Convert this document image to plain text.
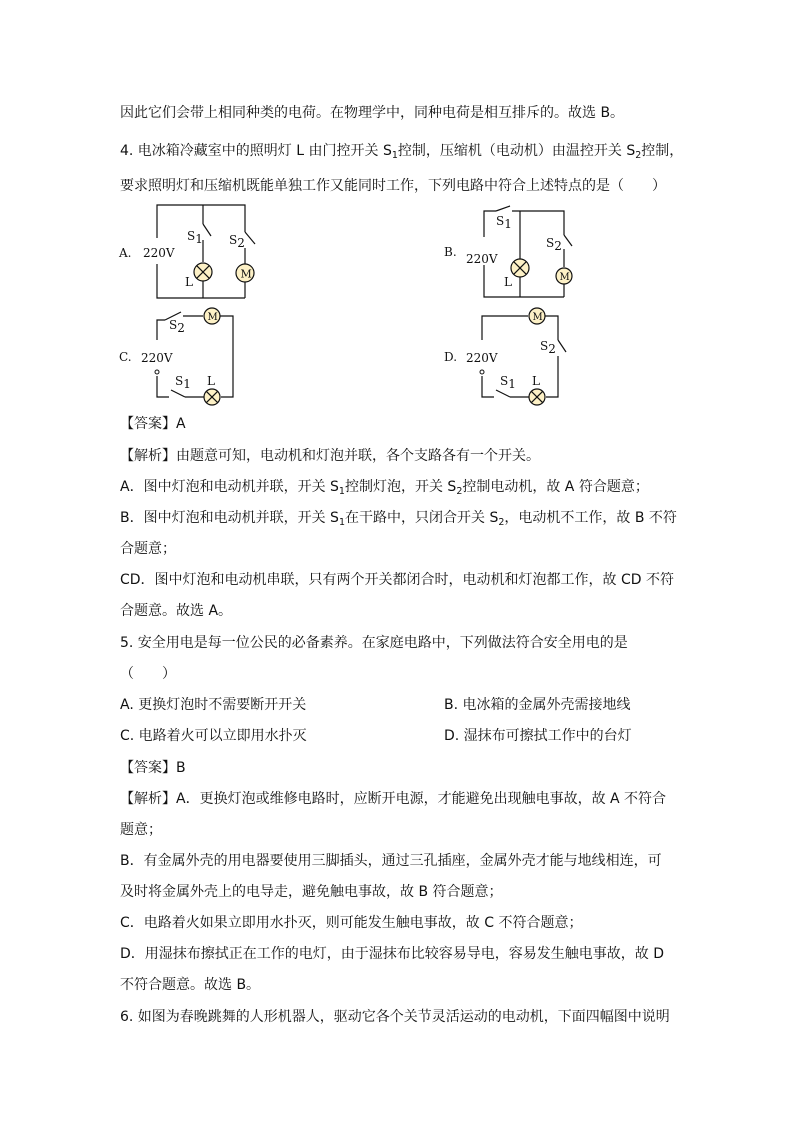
因此它们会带上相同种类的电荷。在物理学中，同种电荷是相互排斥的。故选 B。
4. 电冰箱冷藏室中的照明灯 L 由门控开关 $S_1$控制，压缩机（电动机）由温控开关 $S_2$控制，
要求照明灯和压缩机既能单独工作又能同时工作，下列电路中符合上述特点的是（　　）
A.
M
220V
S1 S2
L
B.
M
220V
S1
S2
L
C.
M
220V
S2
S1 L
D.
M
220V
S2
S1 L
【答案】A
【解析】由题意可知，电动机和灯泡并联，各个支路各有一个开关。
A．图中灯泡和电动机并联，开关 $S_1$控制灯泡，开关 $S_2$控制电动机，故 A 符合题意；
B．图中灯泡和电动机并联，开关 $S_1$在干路中，只闭合开关 $S_2$，电动机不工作，故 B 不符
合题意；
CD．图中灯泡和电动机串联，只有两个开关都闭合时，电动机和灯泡都工作，故 CD 不符
合题意。故选 A。
5. 安全用电是每一位公民的必备素养。在家庭电路中，下列做法符合安全用电的是
（　　）
A. 更换灯泡时不需要断开开关	B. 电冰箱的金属外壳需接地线
C. 电路着火可以立即用水扑灭	D. 湿抹布可擦拭工作中的台灯
【答案】B
【解析】A．更换灯泡或维修电路时，应断开电源，才能避免出现触电事故，故 A 不符合
题意；
B．有金属外壳的用电器要使用三脚插头，通过三孔插座，金属外壳才能与地线相连，可
及时将金属外壳上的电导走，避免触电事故，故 B 符合题意；
C．电路着火如果立即用水扑灭，则可能发生触电事故，故 C 不符合题意；
D．用湿抹布擦拭正在工作的电灯，由于湿抹布比较容易导电，容易发生触电事故，故 D
不符合题意。故选 B。
6. 如图为春晚跳舞的人形机器人，驱动它各个关节灵活运动的电动机，下面四幅图中说明
